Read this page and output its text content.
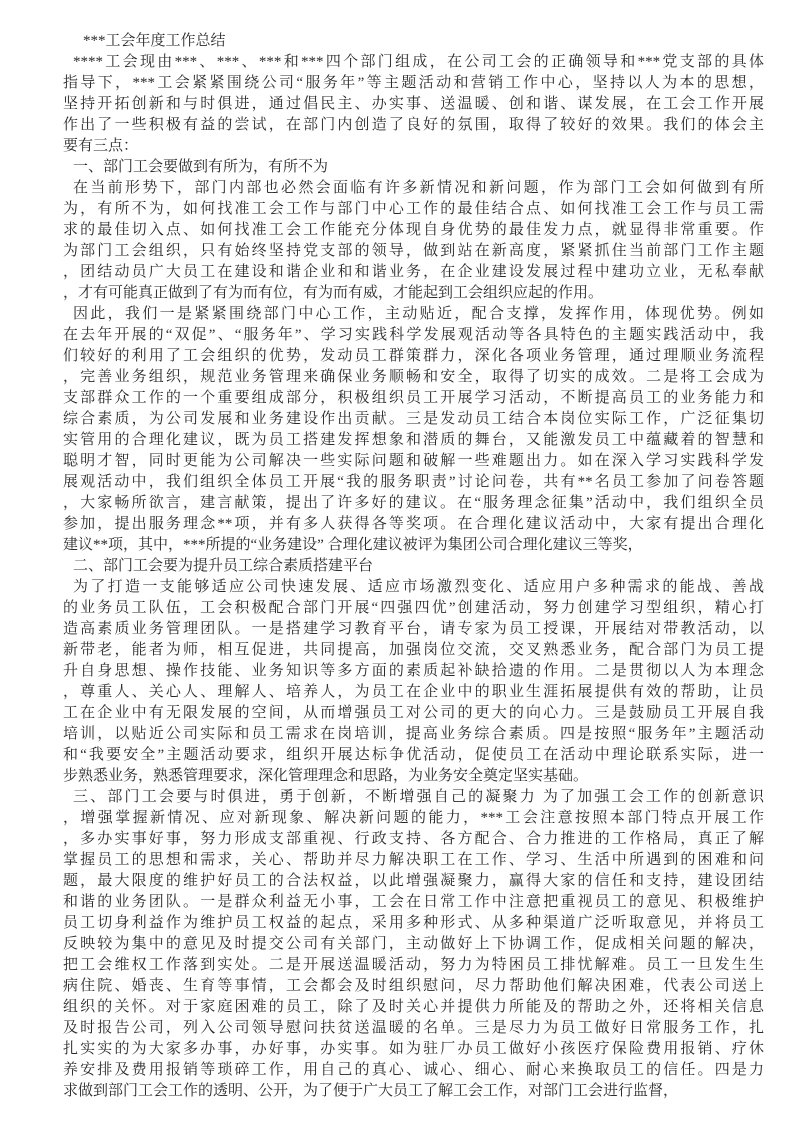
***工会年度工作总结
****工会现由***、***、***和***四个部门组成，在公司工会的正确领导和***党支部的具体
指导下，***工会紧紧围绕公司“服务年”等主题活动和营销工作中心，坚持以人为本的思想，
坚持开拓创新和与时俱进，通过倡民主、办实事、送温暖、创和谐、谋发展，在工会工作开展
作出了一些积极有益的尝试，在部门内创造了良好的氛围，取得了较好的效果。我们的体会主
要有三点：
一、部门工会要做到有所为，有所不为
在当前形势下，部门内部也必然会面临有许多新情况和新问题，作为部门工会如何做到有所
为，有所不为，如何找准工会工作与部门中心工作的最佳结合点、如何找准工会工作与员工需
求的最佳切入点、如何找准工会工作能充分体现自身优势的最佳发力点，就显得非常重要。作
为部门工会组织，只有始终坚持党支部的领导，做到站在新高度，紧紧抓住当前部门工作主题
，团结动员广大员工在建设和谐企业和和谐业务，在企业建设发展过程中建功立业，无私奉献
，才有可能真正做到了有为而有位，有为而有威，才能起到工会组织应起的作用。
因此，我们一是紧紧围绕部门中心工作，主动贴近，配合支撑，发挥作用，体现优势。例如
在去年开展的“双促”、“服务年”、学习实践科学发展观活动等各具特色的主题实践活动中，我
们较好的利用了工会组织的优势，发动员工群策群力，深化各项业务管理，通过理顺业务流程
，完善业务组织，规范业务管理来确保业务顺畅和安全，取得了切实的成效。二是将工会成为
支部群众工作的一个重要组成部分，积极组织员工开展学习活动，不断提高员工的业务能力和
综合素质，为公司发展和业务建设作出贡献。三是发动员工结合本岗位实际工作，广泛征集切
实管用的合理化建议，既为员工搭建发挥想象和潜质的舞台，又能激发员工中蕴藏着的智慧和
聪明才智，同时更能为公司解决一些实际问题和破解一些难题出力。如在深入学习实践科学发
展观活动中，我们组织全体员工开展“我的服务职责”讨论问卷，共有**名员工参加了问卷答题
，大家畅所欲言，建言献策，提出了许多好的建议。在“服务理念征集”活动中，我们组织全员
参加，提出服务理念**项，并有多人获得各等奖项。在合理化建议活动中，大家有提出合理化
建议**项，其中，***所提的“业务建设” 合理化建议被评为集团公司合理化建议三等奖，
二、部门工会要为提升员工综合素质搭建平台
为了打造一支能够适应公司快速发展、适应市场激烈变化、适应用户多种需求的能战、善战
的业务员工队伍，工会积极配合部门开展“四强四优”创建活动，努力创建学习型组织，精心打
造高素质业务管理团队。一是搭建学习教育平台，请专家为员工授课，开展结对带教活动，以
新带老，能者为师，相互促进，共同提高，加强岗位交流，交叉熟悉业务，配合部门为员工提
升自身思想、操作技能、业务知识等多方面的素质起补缺拾遗的作用。二是贯彻以人为本理念
，尊重人、关心人、理解人、培养人，为员工在企业中的职业生涯拓展提供有效的帮助，让员
工在企业中有无限发展的空间，从而增强员工对公司的更大的向心力。三是鼓励员工开展自我
培训，以贴近公司实际和员工需求在岗培训，提高业务综合素质。四是按照“服务年”主题活动
和“我要安全”主题活动要求，组织开展达标争优活动，促使员工在活动中理论联系实际，进一
步熟悉业务，熟悉管理要求，深化管理理念和思路，为业务安全奠定坚实基础。
三、部门工会要与时俱进，勇于创新，不断增强自己的凝聚力 为了加强工会工作的创新意识
，增强掌握新情况、应对新现象、解决新问题的能力，***工会注意按照本部门特点开展工作
，多办实事好事，努力形成支部重视、行政支持、各方配合、合力推进的工作格局，真正了解
掌握员工的思想和需求，关心、帮助并尽力解决职工在工作、学习、生活中所遇到的困难和问
题，最大限度的维护好员工的合法权益，以此增强凝聚力，赢得大家的信任和支持，建设团结
和谐的业务团队。一是群众利益无小事，工会在日常工作中注意把重视员工的意见、积极维护
员工切身利益作为维护员工权益的起点，采用多种形式、从多种渠道广泛听取意见，并将员工
反映较为集中的意见及时提交公司有关部门，主动做好上下协调工作，促成相关问题的解决，
把工会维权工作落到实处。二是开展送温暖活动，努力为特困员工排忧解难。员工一旦发生生
病住院、婚丧、生育等事情，工会都会及时组织慰问，尽力帮助他们解决困难，代表公司送上
组织的关怀。对于家庭困难的员工，除了及时关心并提供力所能及的帮助之外，还将相关信息
及时报告公司，列入公司领导慰问扶贫送温暖的名单。三是尽力为员工做好日常服务工作，扎
扎实实的为大家多办事，办好事，办实事。如为驻厂办员工做好小孩医疗保险费用报销、疗休
养安排及费用报销等琐碎工作，用自己的真心、诚心、细心、耐心来换取员工的信任。四是力
求做到部门工会工作的透明、公开，为了便于广大员工了解工会工作，对部门工会进行监督，
